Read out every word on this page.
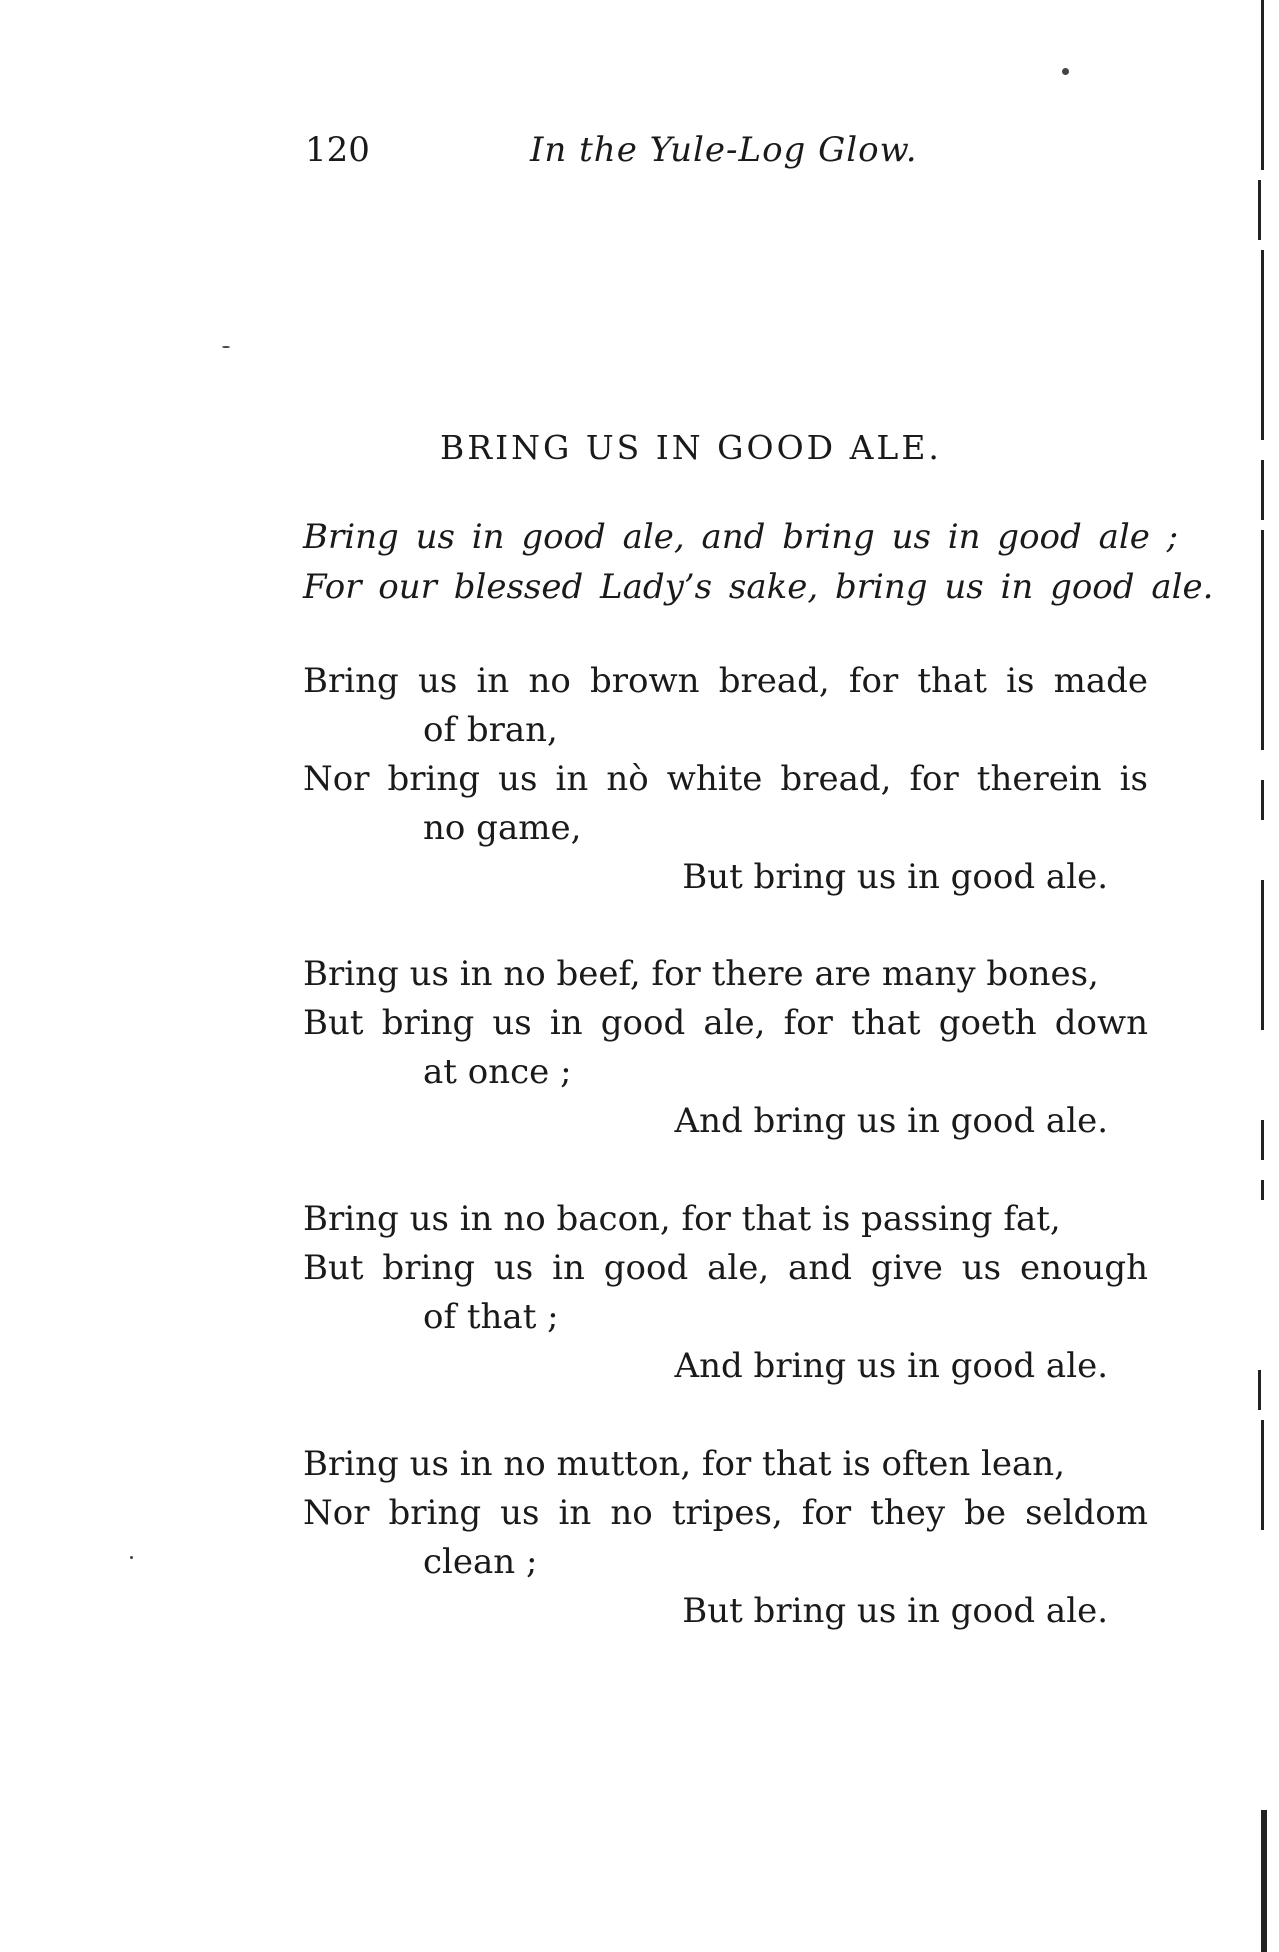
120	In the Yule-Log Glow.
BRING US IN GOOD ALE.
Bring us in good ale, and bring us in good ale ;
For our blessed Lady’s sake, bring us in good ale.
Bring us in no brown bread, for that is made
of bran,
Nor bring us in nò white bread, for therein is
no game,
But bring us in good ale.
Bring us in no beef, for there are many bones,
But bring us in good ale, for that goeth down
at once ;
And bring us in good ale.
Bring us in no bacon, for that is passing fat,
But bring us in good ale, and give us enough
of that ;
And bring us in good ale.
Bring us in no mutton, for that is often lean,
Nor bring us in no tripes, for they be seldom
clean ;
But bring us in good ale.
